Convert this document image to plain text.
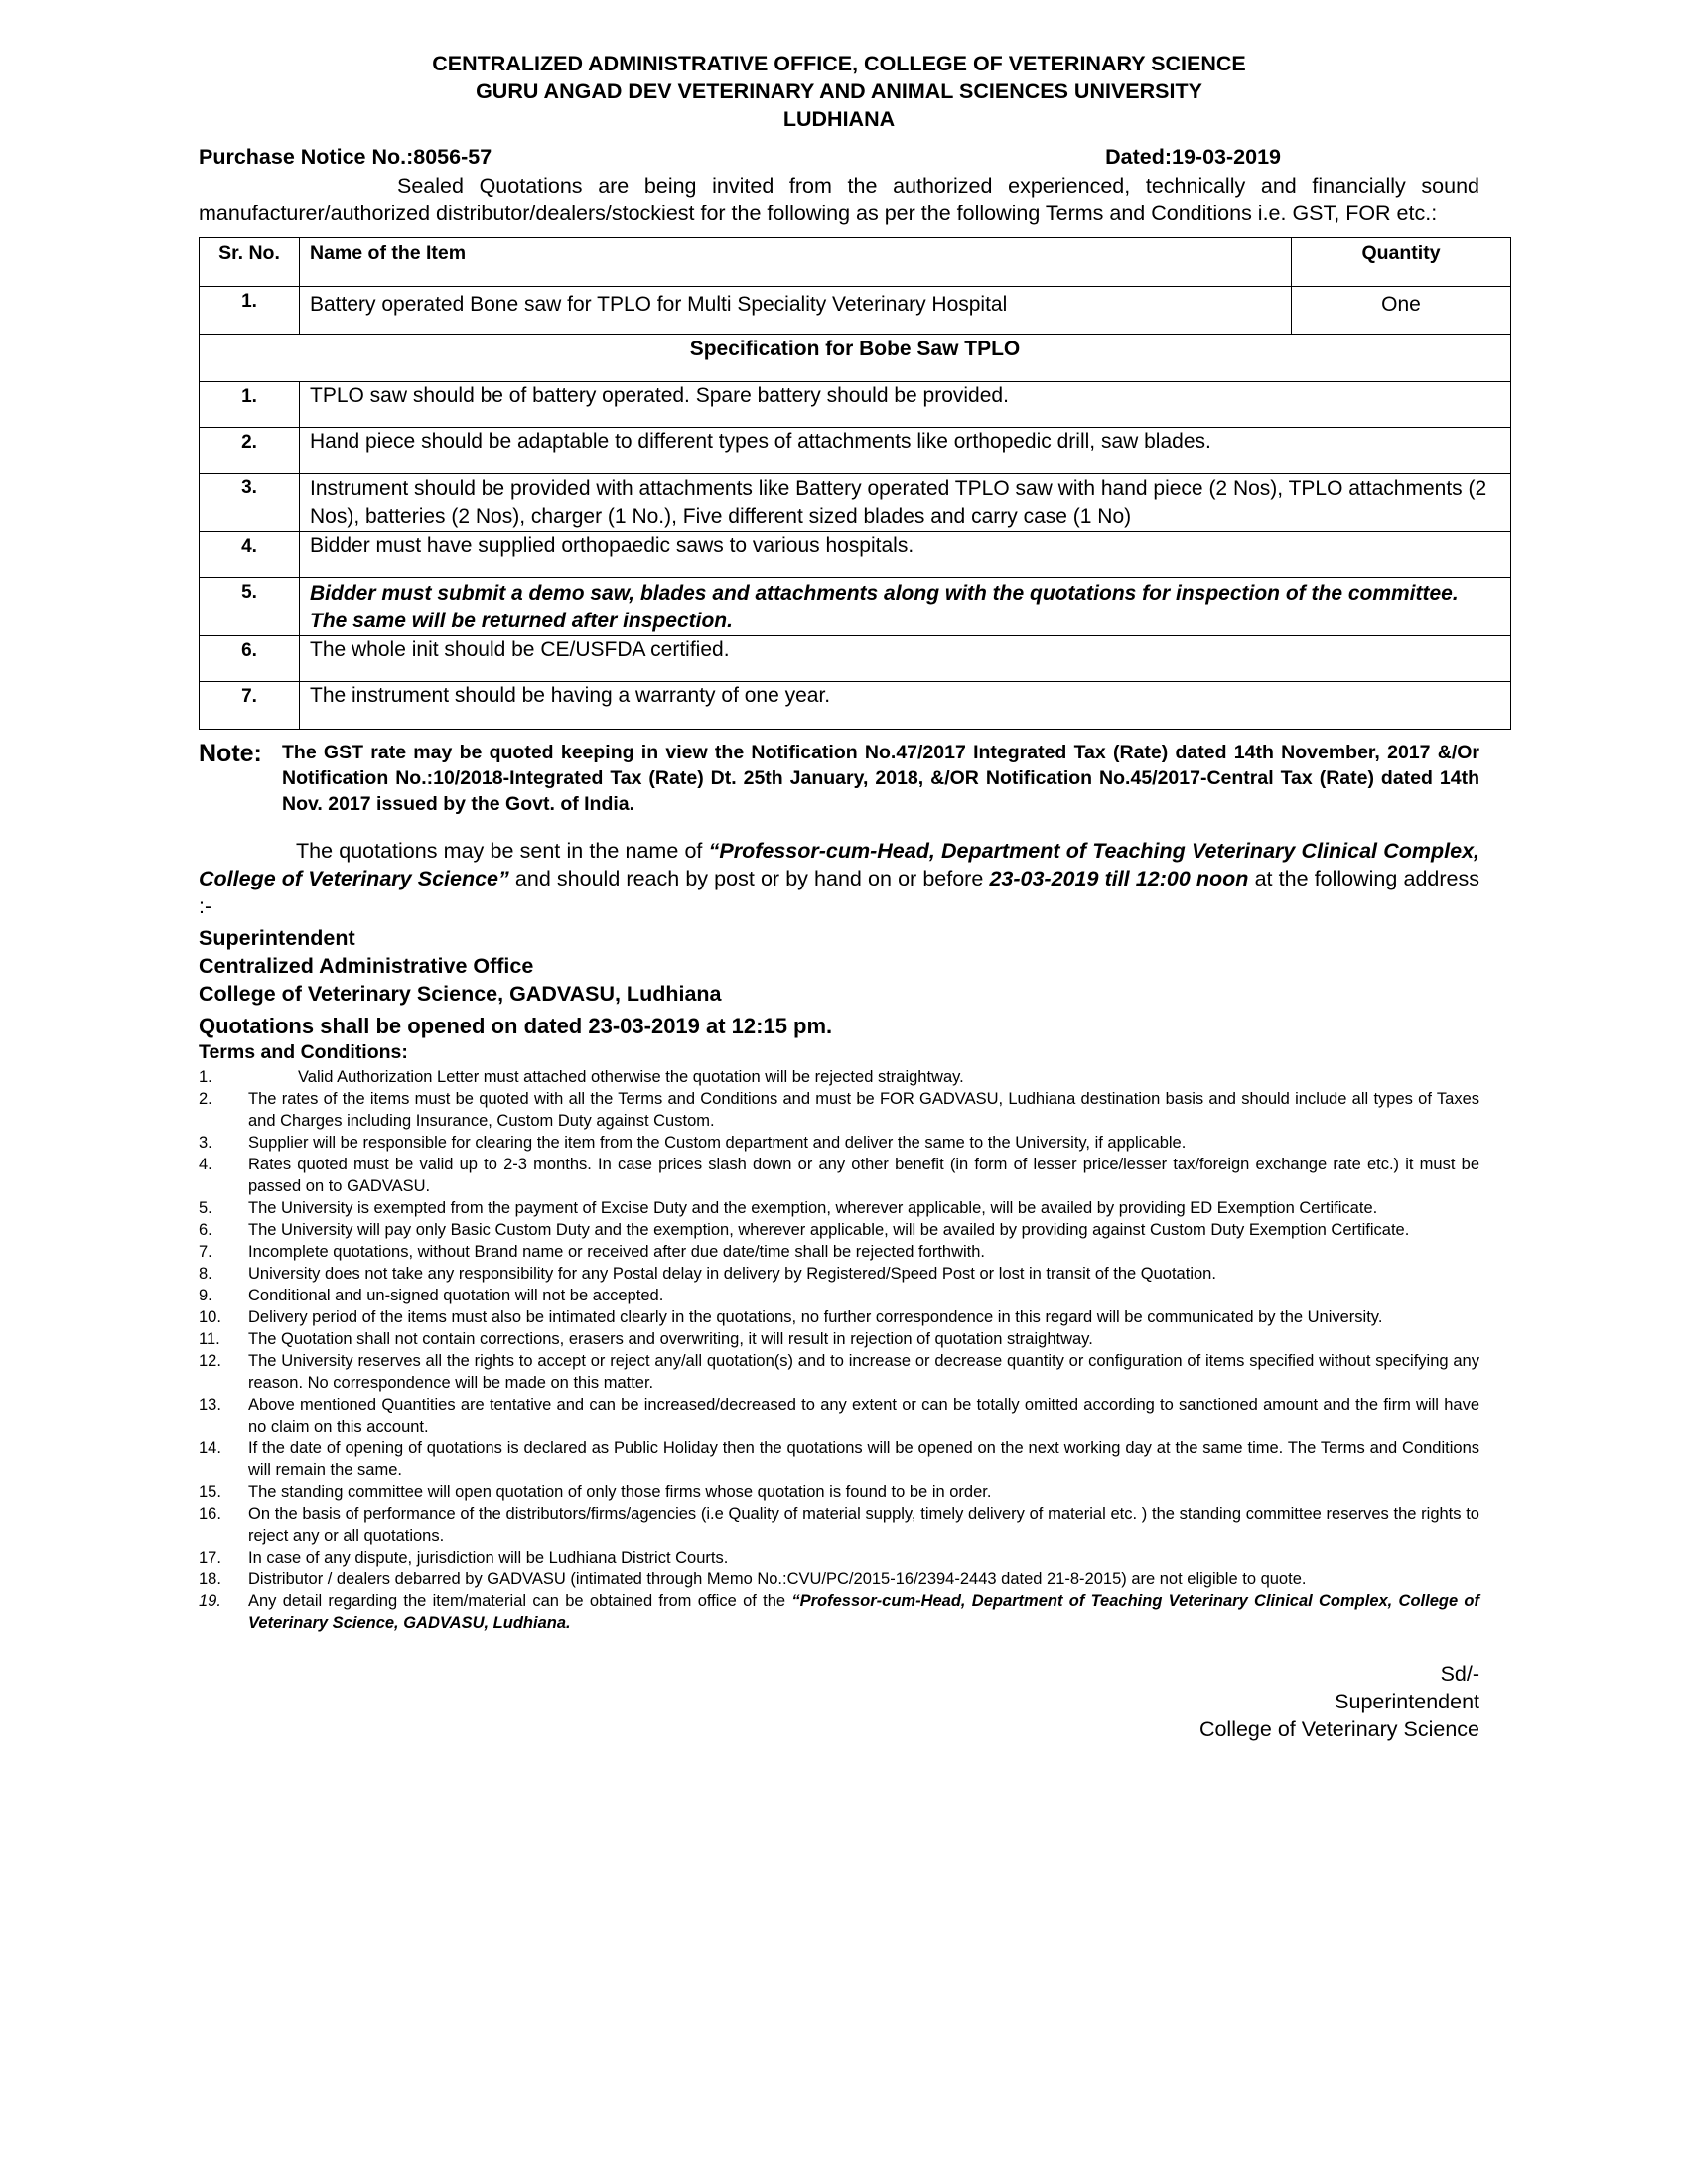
CENTRALIZED ADMINISTRATIVE OFFICE, COLLEGE OF VETERINARY SCIENCE
GURU ANGAD DEV VETERINARY AND ANIMAL SCIENCES UNIVERSITY
LUDHIANA
Purchase Notice No.:8056-57	Dated:19-03-2019
Sealed Quotations are being invited from the authorized experienced, technically and financially sound manufacturer/authorized distributor/dealers/stockiest for the following as per the following Terms and Conditions i.e. GST, FOR etc.:
Sr. No.	Name of the Item	Quantity
1.	Battery operated Bone saw for TPLO for Multi Speciality Veterinary Hospital	One
Specification for Bobe Saw TPLO		
1.	TPLO saw should be of battery operated. Spare battery should be provided.	
2.	Hand piece should be adaptable to different types of attachments like orthopedic drill, saw blades.	
3.	Instrument should be provided with attachments like Battery operated TPLO saw with hand piece (2 Nos), TPLO attachments (2 Nos), batteries (2 Nos), charger (1 No.), Five different sized blades and carry case (1 No)	
4.	Bidder must have supplied orthopaedic saws to various hospitals.	
5.	Bidder must submit a demo saw, blades and attachments along with the quotations for inspection of the committee. The same will be returned after inspection.	
6.	The whole init should be CE/USFDA certified.	
7.	The instrument should be having a warranty of one year.	
Note:	The GST rate may be quoted keeping in view the Notification No.47/2017 Integrated Tax (Rate) dated 14th November, 2017 &/Or Notification No.:10/2018-Integrated Tax (Rate) Dt. 25th January, 2018, &/OR Notification No.45/2017-Central Tax (Rate) dated 14th Nov. 2017 issued by the Govt. of India.
The quotations may be sent in the name of “Professor-cum-Head, Department of Teaching Veterinary Clinical Complex, College of Veterinary Science” and should reach by post or by hand on or before 23-03-2019 till 12:00 noon at the following address :-
Superintendent
Centralized Administrative Office
College of Veterinary Science, GADVASU, Ludhiana
Quotations shall be opened on dated 23-03-2019 at 12:15 pm.
Terms and Conditions:
1.	Valid Authorization Letter must attached otherwise the quotation will be rejected straightway.
2.	The rates of the items must be quoted with all the Terms and Conditions and must be FOR GADVASU, Ludhiana destination basis and should include all types of Taxes and Charges including Insurance, Custom Duty against Custom.
3.	Supplier will be responsible for clearing the item from the Custom department and deliver the same to the University, if applicable.
4.	Rates quoted must be valid up to 2-3 months. In case prices slash down or any other benefit (in form of lesser price/lesser tax/foreign exchange rate etc.) it must be passed on to GADVASU.
5.	The University is exempted from the payment of Excise Duty and the exemption, wherever applicable, will be availed by providing ED Exemption Certificate.
6.	The University will pay only Basic Custom Duty and the exemption, wherever applicable, will be availed by providing against Custom Duty Exemption Certificate.
7.	Incomplete quotations, without Brand name or received after due date/time shall be rejected forthwith.
8.	University does not take any responsibility for any Postal delay in delivery by Registered/Speed Post or lost in transit of the Quotation.
9.	Conditional and un-signed quotation will not be accepted.
10.	Delivery period of the items must also be intimated clearly in the quotations, no further correspondence in this regard will be communicated by the University.
11.	The Quotation shall not contain corrections, erasers and overwriting, it will result in rejection of quotation straightway.
12.	The University reserves all the rights to accept or reject any/all quotation(s) and to increase or decrease quantity or configuration of items specified without specifying any reason. No correspondence will be made on this matter.
13.	Above mentioned Quantities are tentative and can be increased/decreased to any extent or can be totally omitted according to sanctioned amount and the firm will have no claim on this account.
14.	If the date of opening of quotations is declared as Public Holiday then the quotations will be opened on the next working day at the same time. The Terms and Conditions will remain the same.
15.	The standing committee will open quotation of only those firms whose quotation is found to be in order.
16.	On the basis of performance of the distributors/firms/agencies (i.e Quality of material supply, timely delivery of material etc. ) the standing committee reserves the rights to reject any or all quotations.
17.	In case of any dispute, jurisdiction will be Ludhiana District Courts.
18.	Distributor / dealers debarred by GADVASU (intimated through Memo No.:CVU/PC/2015-16/2394-2443 dated 21-8-2015) are not eligible to quote.
19.	Any detail regarding the item/material can be obtained from office of the “Professor-cum-Head, Department of Teaching Veterinary Clinical Complex, College of Veterinary Science, GADVASU, Ludhiana.
Sd/-
Superintendent
College of Veterinary Science
